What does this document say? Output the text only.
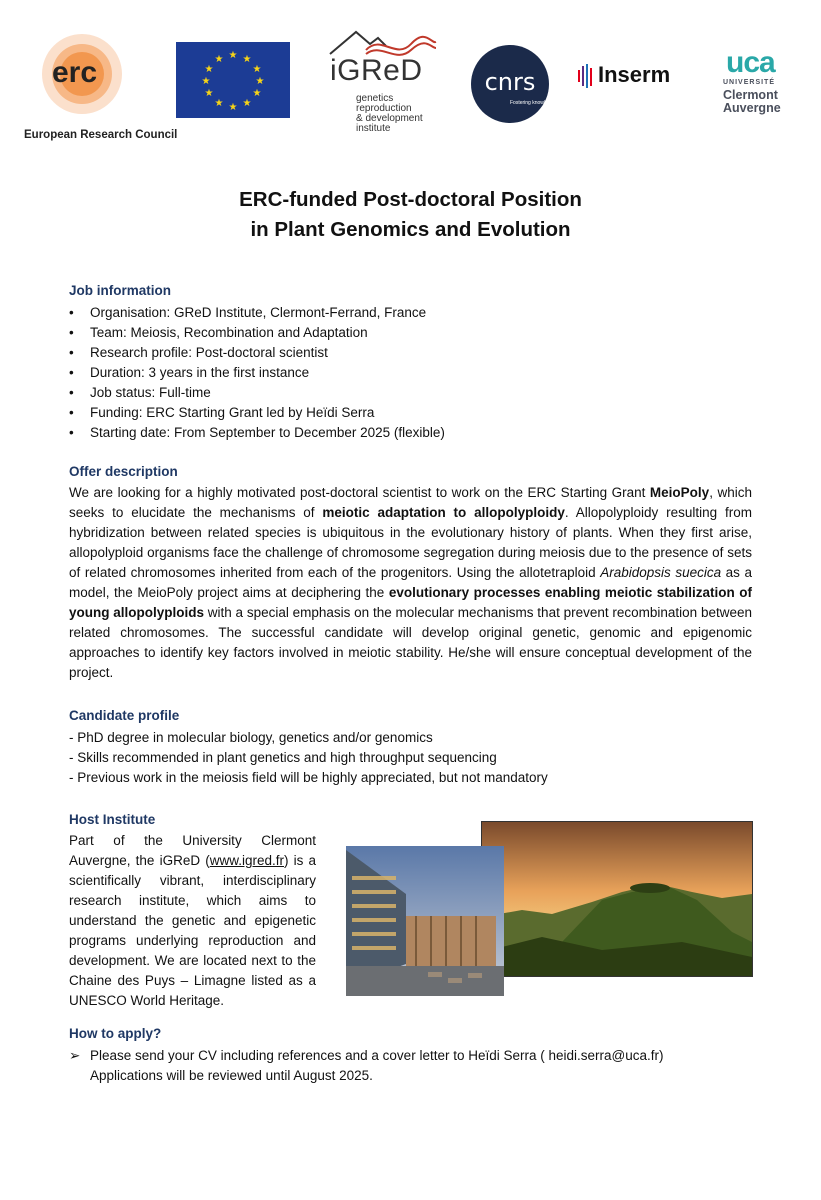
erc
European Research Council
★ ★
★
★
★
★
★
★
★
★
★
★	iGReD
genetics
reproduction
& development
institute
cnrs
Fostering knowledge
Inserm uca
UNIVERSITÉ
Clermont
Auvergne
ERC-funded Post-doctoral Position
in Plant Genomics and Evolution
Job information
• Organisation: GReD Institute, Clermont-Ferrand, France
• Team: Meiosis, Recombination and Adaptation
• Research profile: Post-doctoral scientist
• Duration: 3 years in the first instance
• Job status: Full-time
• Funding: ERC Starting Grant led by Heïdi Serra
• Starting date: From September to December 2025 (flexible)
Offer description
We are looking for a highly motivated post-doctoral scientist to work on the ERC Starting Grant MeioPoly, which seeks to elucidate the mechanisms of meiotic adaptation to allopolyploidy. Allopolyploidy resulting from hybridization between related species is ubiquitous in the evolutionary history of plants. When they first arise, allopolyploid organisms face the challenge of chromosome segregation during meiosis due to the presence of sets of related chromosomes inherited from each of the progenitors. Using the allotetraploid Arabidopsis suecica as a model, the MeioPoly project aims at deciphering the evolutionary processes enabling meiotic stabilization of young allopolyploids with a special emphasis on the molecular mechanisms that prevent recombination between related chromosomes. The successful candidate will develop original genetic, genomic and epigenomic approaches to identify key factors involved in meiotic stability. He/she will ensure conceptual development of the project.
Candidate profile
- PhD degree in molecular biology, genetics and/or genomics
- Skills recommended in plant genetics and high throughput sequencing
- Previous work in the meiosis field will be highly appreciated, but not mandatory
Host Institute
Part of the University Clermont Auvergne, the iGReD (www.igred.fr) is a scientifically vibrant, interdisciplinary research institute, which aims to understand the genetic and epigenetic programs underlying reproduction and development. We are located next to the Chaine des Puys – Limagne listed as a UNESCO World Heritage.
How to apply?
➢ Please send your CV including references and a cover letter to Heïdi Serra ( heidi.serra@uca.fr)
Applications will be reviewed until August 2025.
